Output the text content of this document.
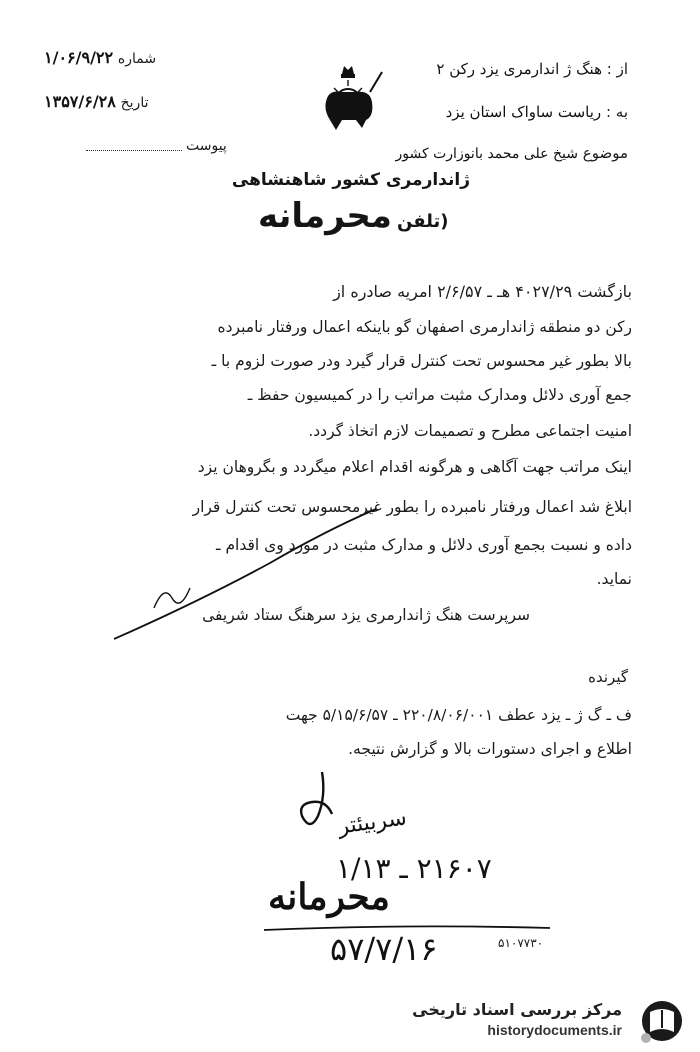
از : هنگ ژ اندارمری یزد رکن ۲
به : ریاست ساواک استان یزد
موضوع شیخ علی محمد بانوزارت کشور
شماره ۱/۰۶/۹/۲۲
تاریخ ۱۳۵۷/۶/۲۸
پیوست
ژاندارمری کشور شاهنشاهی
(تلفن محرمانه
بازگشت ۴۰۲۷/۲۹ هـ ـ ۲/۶/۵۷ امریه صادره از
رکن دو منطقه ژاندارمری اصفهان گو باینکه اعمال ورفتار نامبرده
بالا بطور غیر محسوس تحت کنترل قرار گیرد ودر صورت لزوم با ـ
جمع آوری دلائل ومدارک مثبت مراتب را در کمیسیون حفظ ـ
امنیت اجتماعی مطرح و تصمیمات لازم اتخاذ گردد.
اینک مراتب جهت آگاهی و هرگونه اقدام اعلام میگردد و بگروهان یزد
ابلاغ شد اعمال ورفتار نامبرده را بطور غیرمحسوس تحت کنترل قرار
داده و نسبت بجمع آوری دلائل و مدارک مثبت در مورد وی اقدام ـ
نماید.
سرپرست هنگ ژاندارمری یزد سرهنگ ستاد شریفی
گیرنده
ف ـ گ ژ ـ یزد عطف ۲۲۰/۸/۰۶/۰۰۱ ـ ۵/۱۵/۶/۵۷ جهت
اطلاع و اجرای دستورات بالا و گزارش نتیجه.
سربیئتر
۲۱۶۰۷ ـ ۱/۱۳
محرمانه
۵۷/۷/۱۶	۵۱۰۷۷۳۰
مرکز بررسی اسناد تاریخی
historydocuments.ir
